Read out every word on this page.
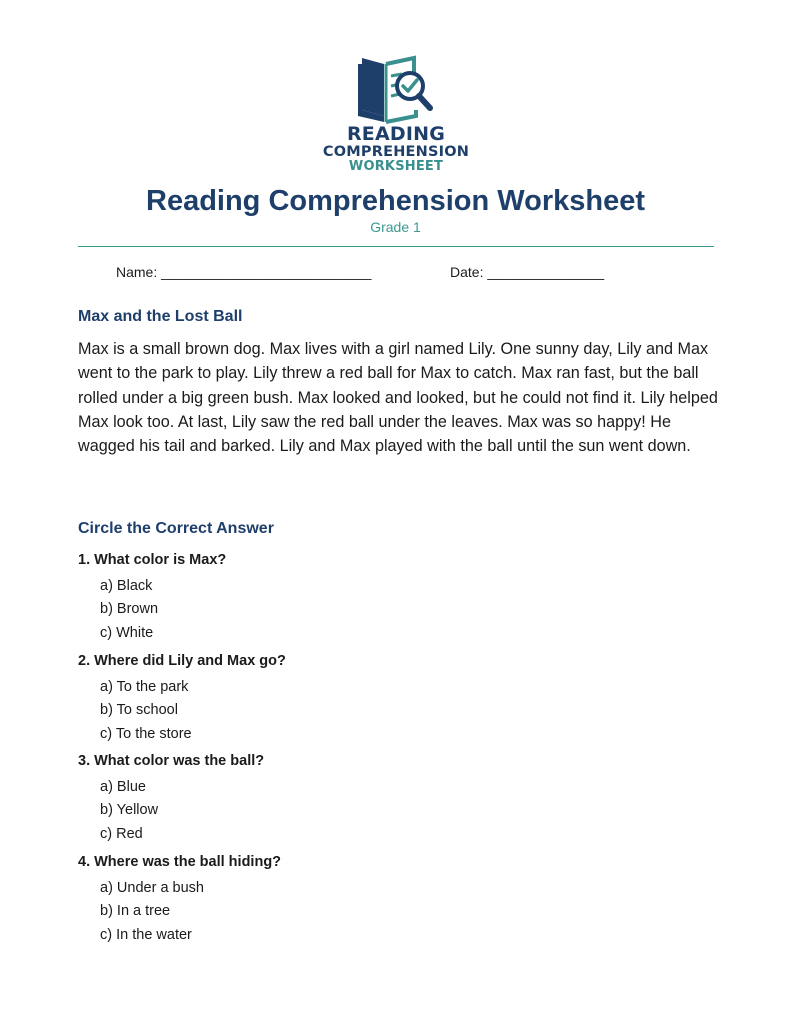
READING
COMPREHENSION
WORKSHEET
Reading Comprehension Worksheet
Grade 1
Name: ___________________________	Date: _______________
Max and the Lost Ball
Max is a small brown dog. Max lives with a girl named Lily. One sunny day, Lily and Max went to the park to play. Lily threw a red ball for Max to catch. Max ran fast, but the ball rolled under a big green bush. Max looked and looked, but he could not find it. Lily helped Max look too. At last, Lily saw the red ball under the leaves. Max was so happy! He wagged his tail and barked. Lily and Max played with the ball until the sun went down.
Circle the Correct Answer
1. What color is Max?
a) Black
b) Brown
c) White
2. Where did Lily and Max go?
a) To the park
b) To school
c) To the store
3. What color was the ball?
a) Blue
b) Yellow
c) Red
4. Where was the ball hiding?
a) Under a bush
b) In a tree
c) In the water
